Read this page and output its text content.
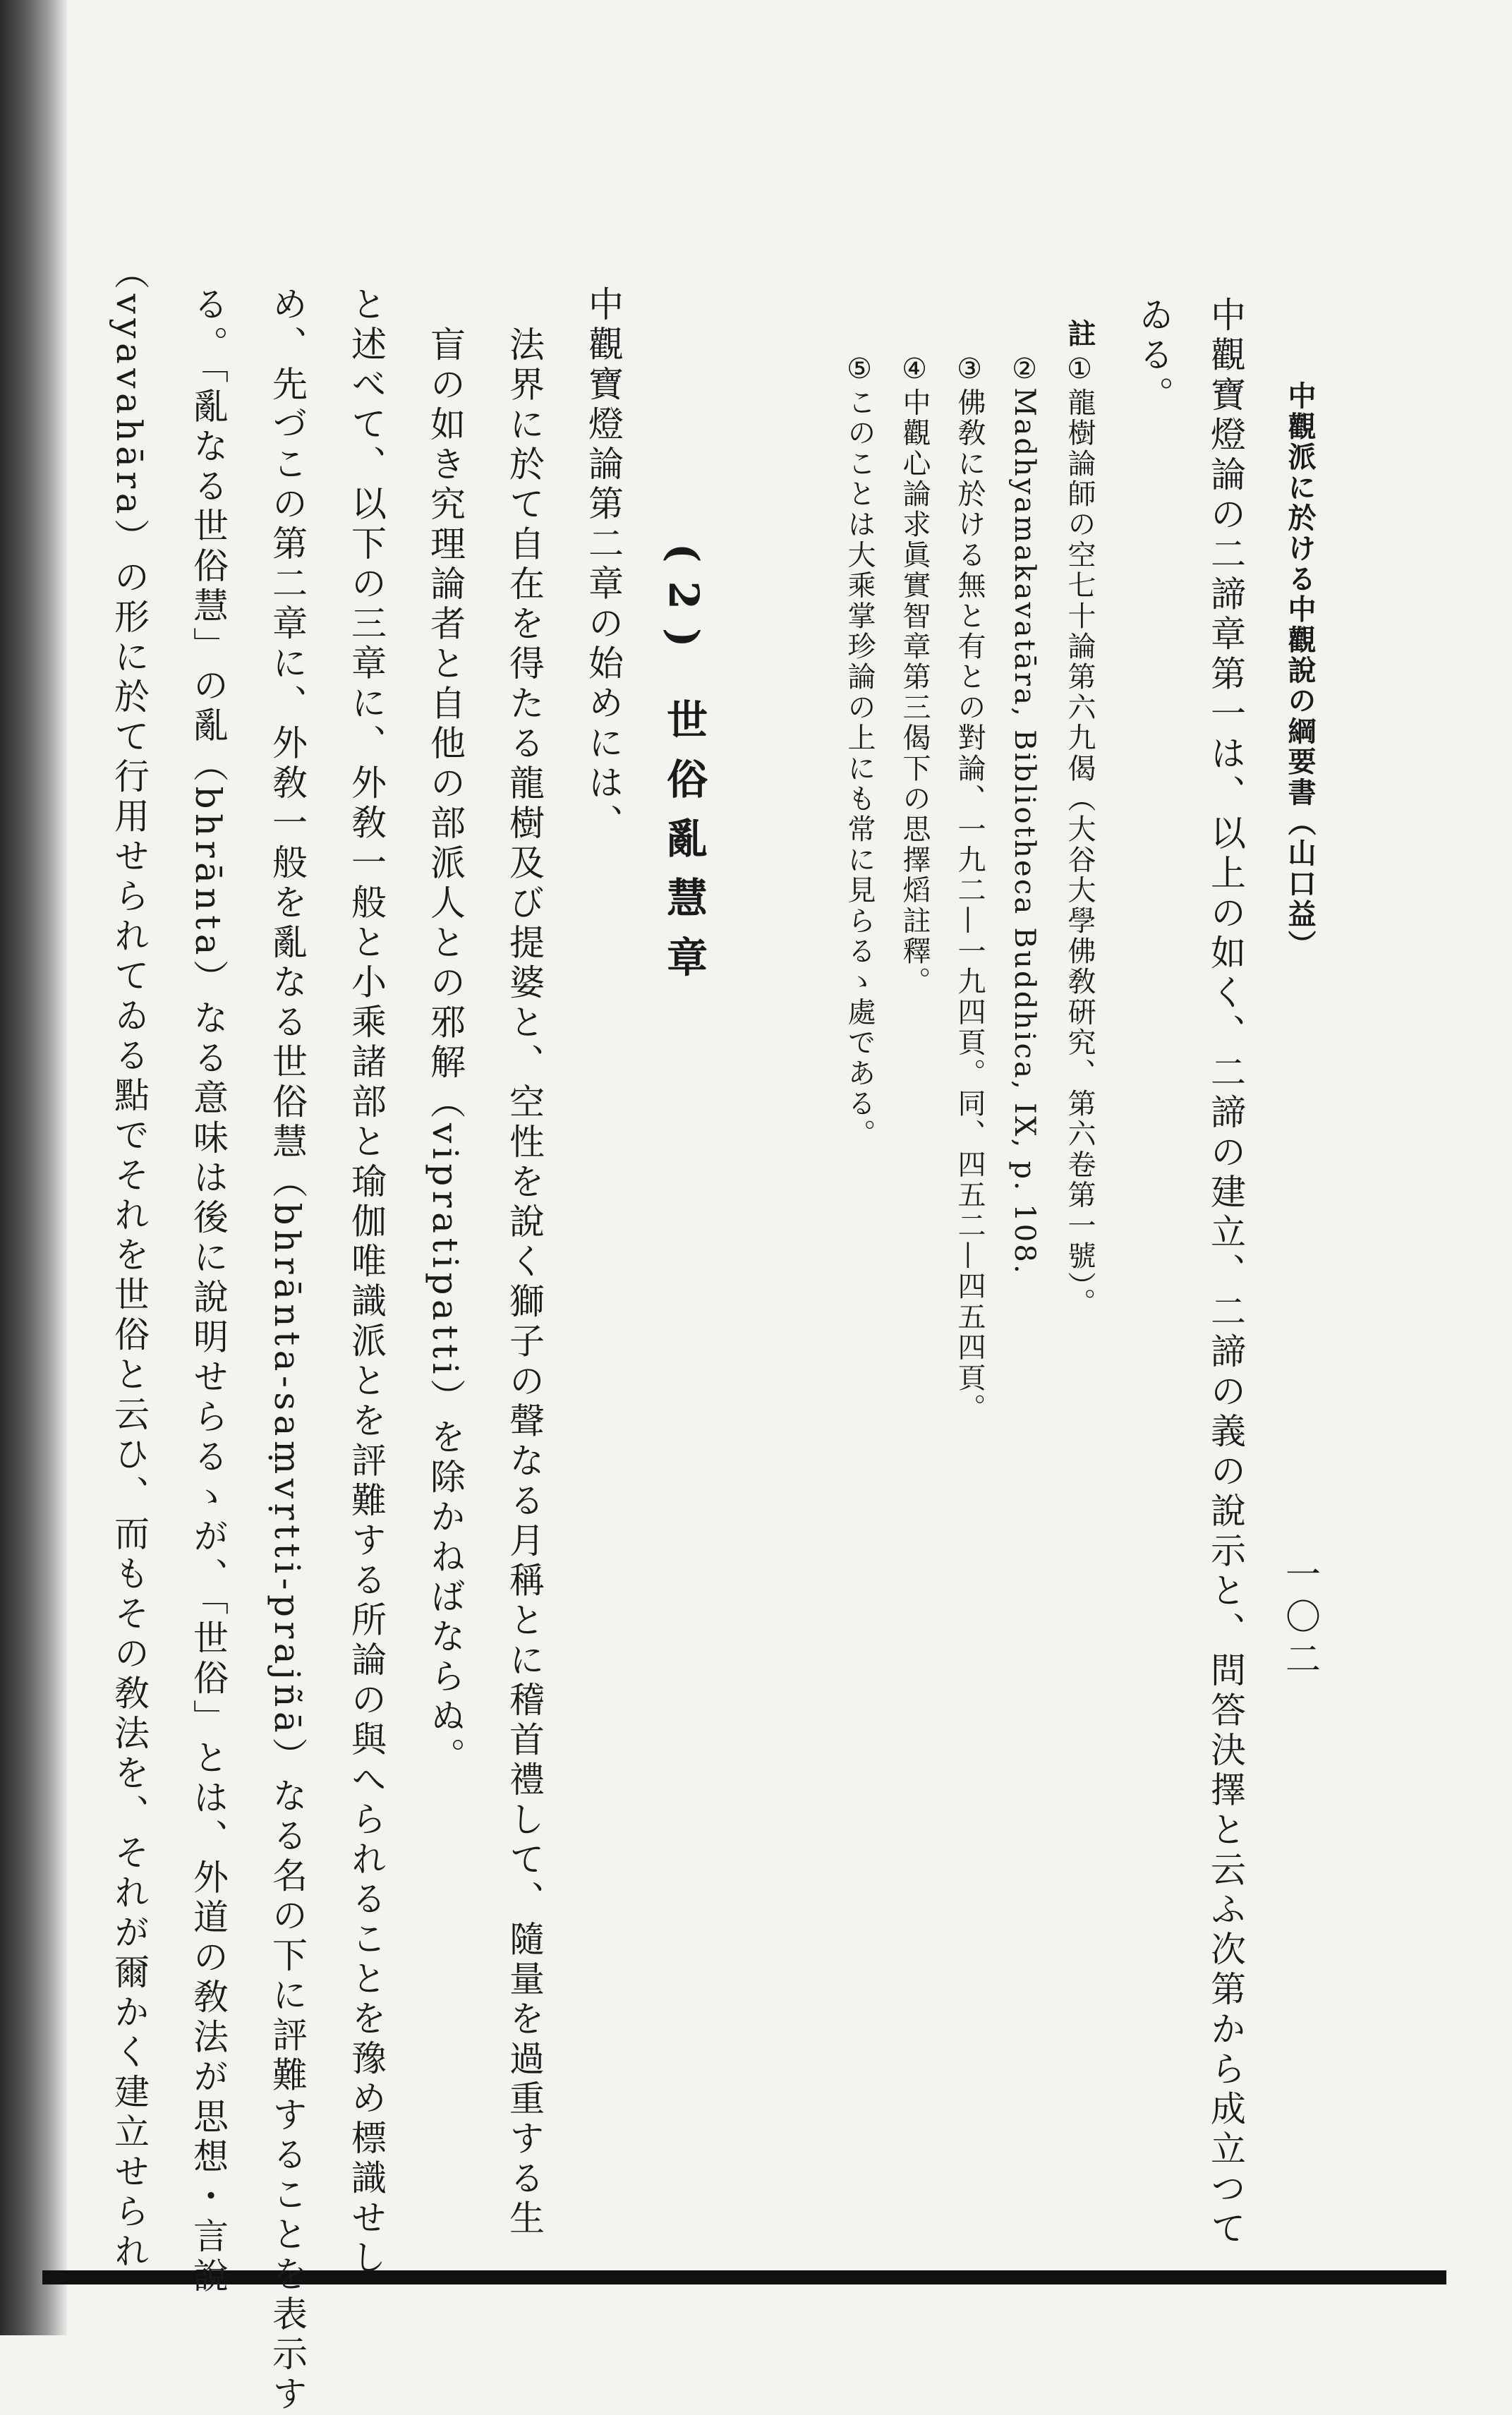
中觀派に於ける中觀說の綱要書（山口益）
一〇二
中觀寶燈論の二諦章第一は、以上の如く、二諦の建立、二諦の義の說示と、問答決擇と云ふ次第から成立つて
ゐる。
註
①龍樹論師の空七十論第六九偈（大谷大學佛敎硏究、第六卷第一號）。
②Madhyamakavatāra, Bibliotheca Buddhica, IX, p. 108.
③佛敎に於ける無と有との對論、一九二—一九四頁。同、四五二—四五四頁。
④中觀心論求眞實智章第三偈下の思擇熖註釋。
⑤このことは大乘掌珍論の上にも常に見らるゝ處である。
(2) 世俗亂慧章
中觀寶燈論第二章の始めには、
法界に於て自在を得たる龍樹及び提婆と、空性を說く獅子の聲なる月稱とに稽首禮して、隨量を過重する生
盲の如き究理論者と自他の部派人との邪解（vipratipatti）を除かねばならぬ。
と述べて、以下の三章に、外敎一般と小乘諸部と瑜伽唯識派とを評難する所論の與へられることを豫め標識せし
め、先づこの第二章に、外敎一般を亂なる世俗慧（bhrānta-saṃvṛtti-prajñā）なる名の下に評難することを表示す
る。「亂なる世俗慧」の亂（bhrānta）なる意味は後に說明せらるゝが、「世俗」とは、外道の敎法が思想・言說
（vyavahāra）の形に於て行用せられてゐる點でそれを世俗と云ひ、而もその敎法を、それが爾かく建立せられ
